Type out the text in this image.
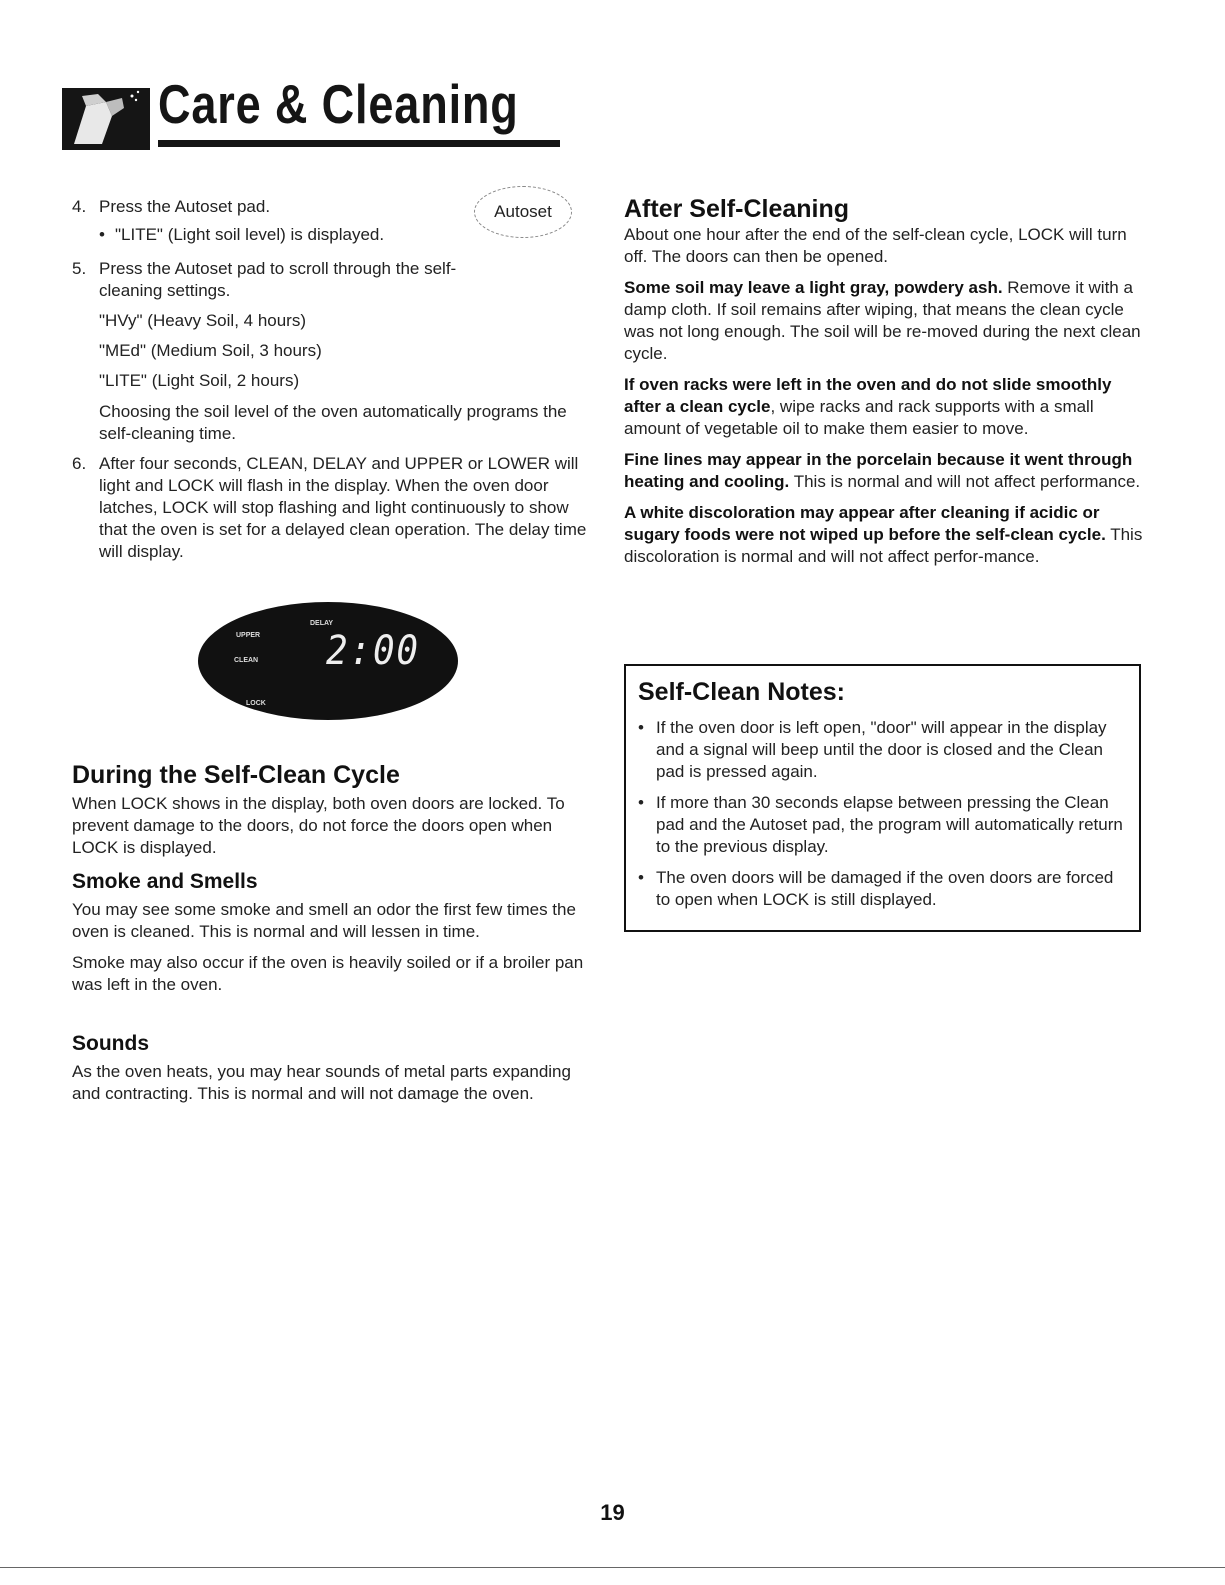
Care & Cleaning
4. Press the Autoset pad.
• "LITE" (Light soil level) is displayed.
5. Press the Autoset pad to scroll through the self-cleaning settings.
"HVy" (Heavy Soil, 4 hours)
"MEd" (Medium Soil, 3 hours)
"LITE" (Light Soil, 2 hours)
Choosing the soil level of the oven automatically programs the self-cleaning time.
6. After four seconds, CLEAN, DELAY and UPPER or LOWER will light and LOCK will flash in the display. When the oven door latches, LOCK will stop flashing and light continuously to show that the oven is set for a delayed clean operation. The delay time will display.
Autoset
UPPER
CLEAN
DELAY
LOCK
2:00
During the Self-Clean Cycle
When LOCK shows in the display, both oven doors are locked. To prevent damage to the doors, do not force the doors open when LOCK is displayed.
Smoke and Smells
You may see some smoke and smell an odor the first few times the oven is cleaned. This is normal and will lessen in time.
Smoke may also occur if the oven is heavily soiled or if a broiler pan was left in the oven.
Sounds
As the oven heats, you may hear sounds of metal parts expanding and contracting. This is normal and will not damage the oven.
After Self-Cleaning
About one hour after the end of the self-clean cycle, LOCK will turn off. The doors can then be opened.
Some soil may leave a light gray, powdery ash. Remove it with a damp cloth. If soil remains after wiping, that means the clean cycle was not long enough. The soil will be re-moved during the next clean cycle.
If oven racks were left in the oven and do not slide smoothly after a clean cycle, wipe racks and rack supports with a small amount of vegetable oil to make them easier to move.
Fine lines may appear in the porcelain because it went through heating and cooling. This is normal and will not affect performance.
A white discoloration may appear after cleaning if acidic or sugary foods were not wiped up before the self-clean cycle. This discoloration is normal and will not affect perfor-mance.
Self-Clean Notes:
• If the oven door is left open, "door" will appear in the display and a signal will beep until the door is closed and the Clean pad is pressed again.
• If more than 30 seconds elapse between pressing the Clean pad and the Autoset pad, the program will automatically return to the previous display.
• The oven doors will be damaged if the oven doors are forced to open when LOCK is still displayed.
19
